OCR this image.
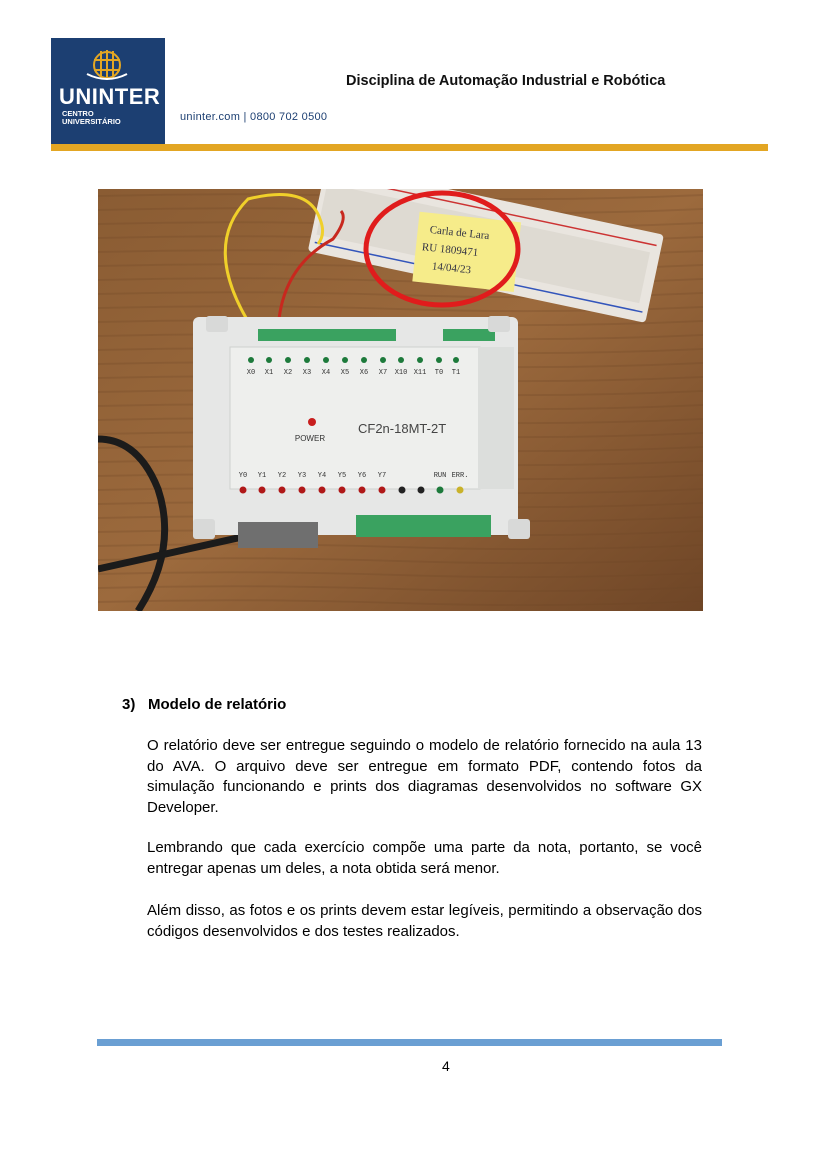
UNINTER
CENTRO
UNIVERSITÁRIO	uninter.com | 0800 702 0500
Disciplina de Automação Industrial e Robótica
Carla de Lara
RU 1809471
14/04/23
X0 X1 X2 X3 X4 X5 X6 X7 X10 X11 T0 T1
POWER
CF2n-18MT-2T
Y0 Y1 Y2 Y3 Y4 Y5 Y6 Y7	RUN ERR.
3) Modelo de relatório

O relatório deve ser entregue seguindo o modelo de relatório fornecido na aula 13 do AVA. O arquivo deve ser entregue em formato PDF, contendo fotos da simulação funcionando e prints dos diagramas desenvolvidos no software GX Developer.

Lembrando que cada exercício compõe uma parte da nota, portanto, se você entregar apenas um deles, a nota obtida será menor.

Além disso, as fotos e os prints devem estar legíveis, permitindo a observação dos códigos desenvolvidos e dos testes realizados.

4
